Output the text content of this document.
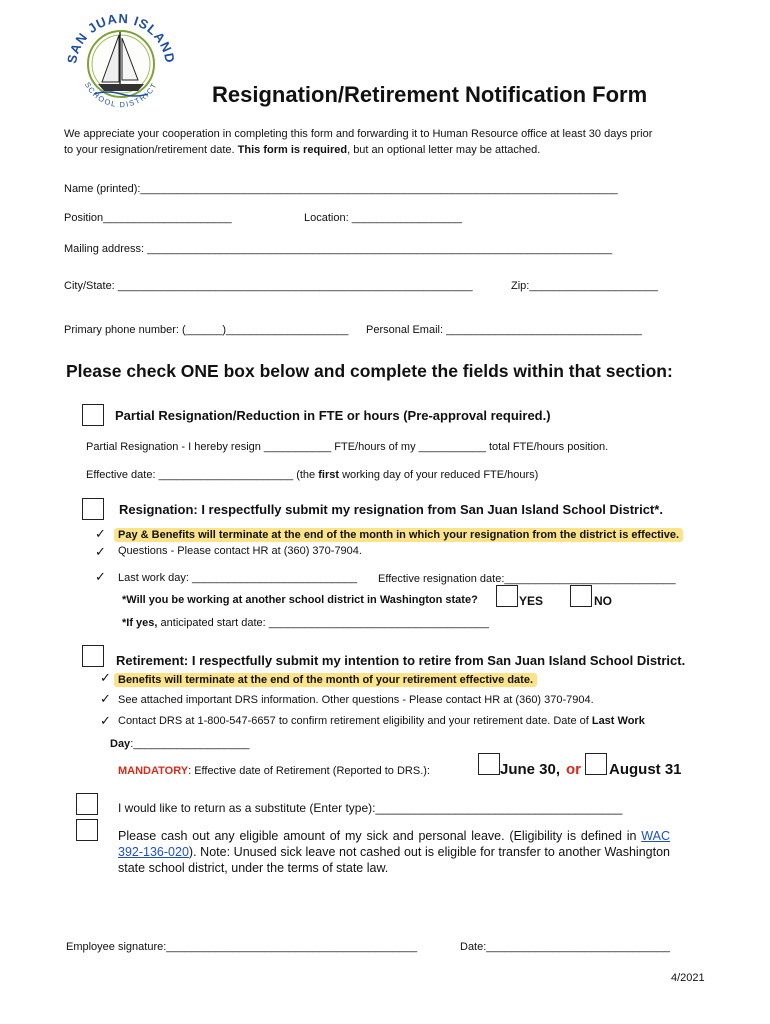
SAN JUAN ISLAND
SCHOOL DISTRICT Resignation/Retirement Notification Form
We appreciate your cooperation in completing this form and forwarding it to Human Resource office at least 30 days prior
to your resignation/retirement date. This form is required, but an optional letter may be attached.
Name (printed):______________________________________________________________________________
Position_____________________	Location: __________________
Mailing address: ____________________________________________________________________________
City/State: __________________________________________________________	Zip:_____________________
Primary phone number: (______)____________________ Personal Email: ________________________________
Please check ONE box below and complete the fields within that section:
Partial Resignation/Reduction in FTE or hours (Pre-approval required.)
Partial Resignation - I hereby resign ___________ FTE/hours of my ___________ total FTE/hours position.
Effective date: ______________________ (the first working day of your reduced FTE/hours)
Resignation: I respectfully submit my resignation from San Juan Island School District*.
✓	Pay & Benefits will terminate at the end of the month in which your resignation from the district is effective.
✓ Questions - Please contact HR at (360) 370-7904.
✓ Last work day: ___________________________ Effective resignation date:____________________________
*Will you be working at another school district in Washington state?	YES	NO
*If yes, anticipated start date: ____________________________________
Retirement: I respectfully submit my intention to retire from San Juan Island School District.
✓ Benefits will terminate at the end of the month of your retirement effective date.
✓ See attached important DRS information. Other questions - Please contact HR at (360) 370-7904.
✓ Contact DRS at 1-800-547-6657 to confirm retirement eligibility and your retirement date. Date of Last Work
Day:___________________
MANDATORY: Effective date of Retirement (Reported to DRS.):	June 30, or August 31
I would like to return as a substitute (Enter type):_____________________________________
Please cash out any eligible amount of my sick and personal leave. (Eligibility is defined in WAC 392-136-020). Note: Unused sick leave not cashed out is eligible for transfer to another Washington state school district, under the terms of state law.
Employee signature:_________________________________________	Date:______________________________
4/2021
